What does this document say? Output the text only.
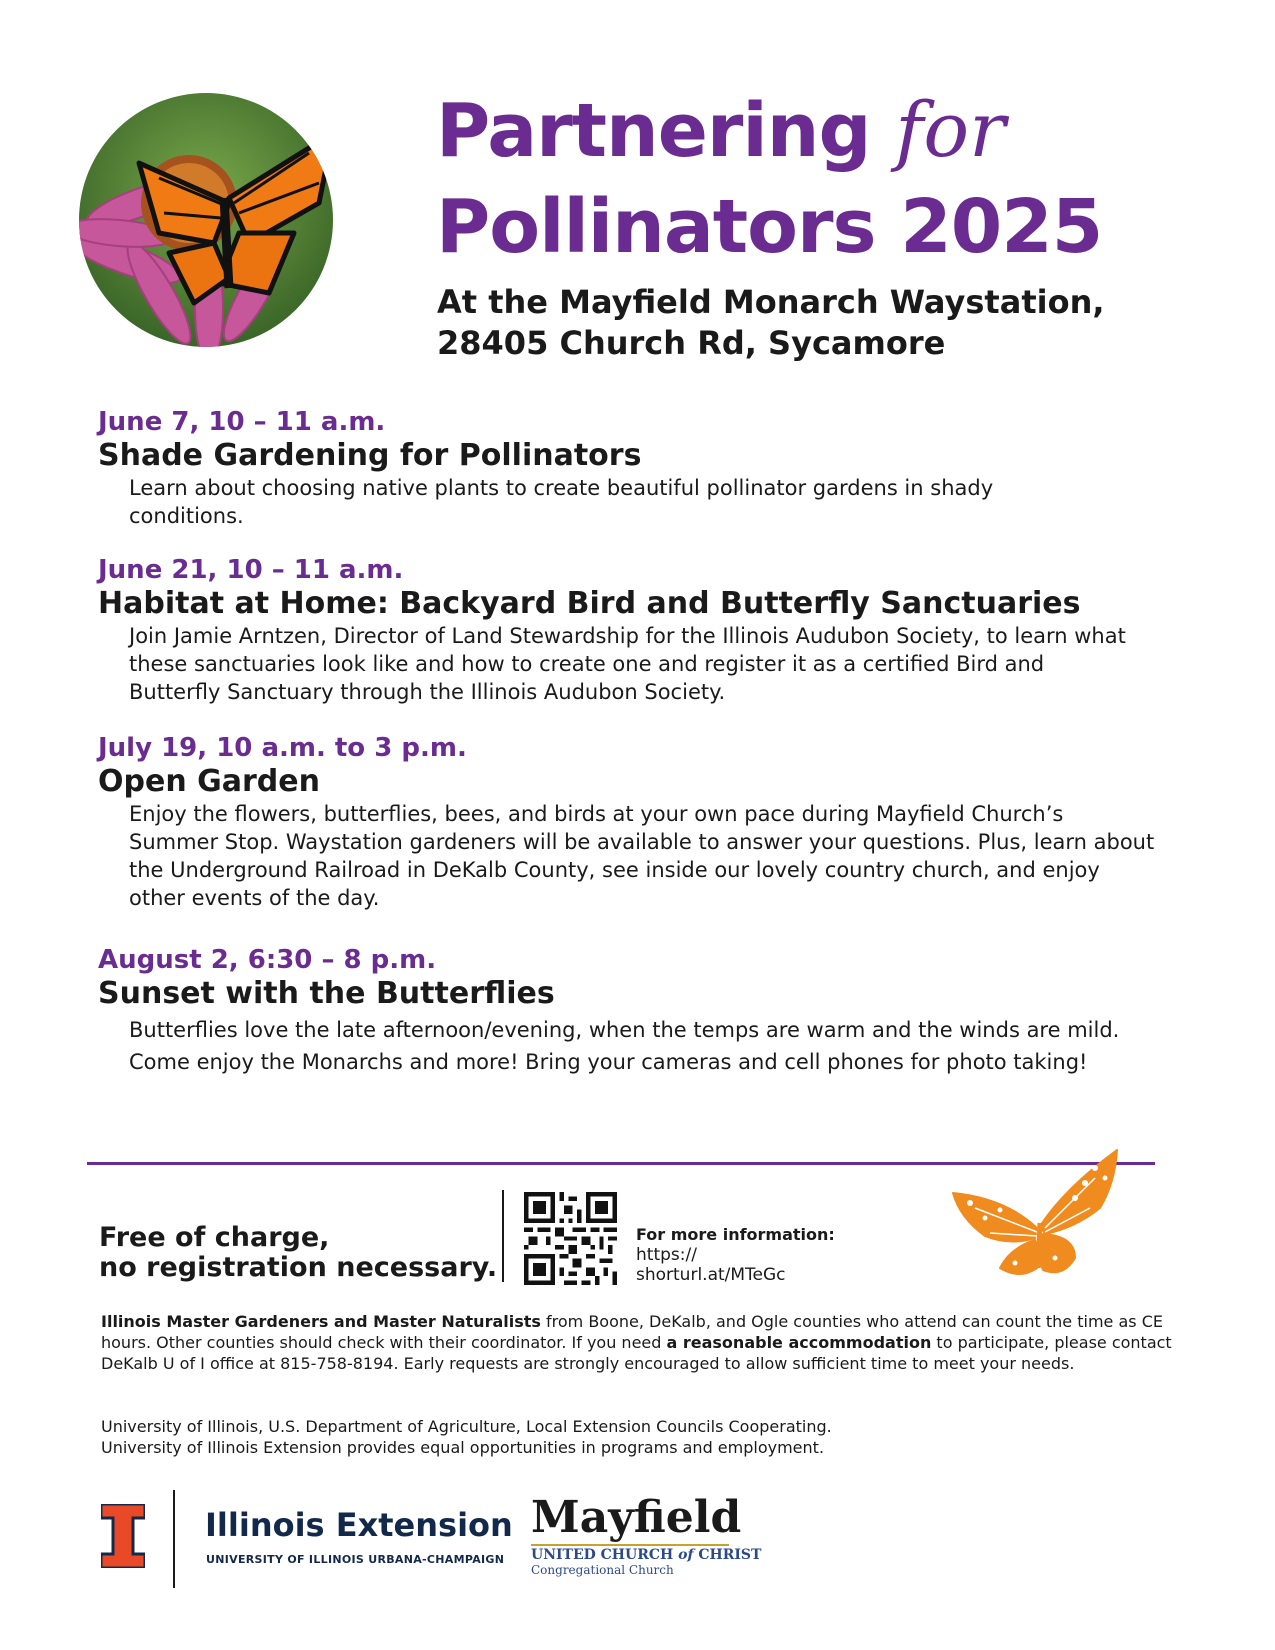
Partnering for
Pollinators 2025
At the Mayfield Monarch Waystation,
28405 Church Rd, Sycamore
June 7, 10 – 11 a.m.
Shade Gardening for Pollinators
Learn about choosing native plants to create beautiful pollinator gardens in shady conditions.
June 21, 10 – 11 a.m.
Habitat at Home: Backyard Bird and Butterfly Sanctuaries
Join Jamie Arntzen, Director of Land Stewardship for the Illinois Audubon Society, to learn what these sanctuaries look like and how to create one and register it as a certified Bird and Butterfly Sanctuary through the Illinois Audubon Society.
July 19, 10 a.m. to 3 p.m.
Open Garden
Enjoy the flowers, butterflies, bees, and birds at your own pace during Mayfield Church’s Summer Stop. Waystation gardeners will be available to answer your questions. Plus, learn about the Underground Railroad in DeKalb County, see inside our lovely country church, and enjoy other events of the day.
August 2, 6:30 – 8 p.m.
Sunset with the Butterflies
Butterflies love the late afternoon/evening, when the temps are warm and the winds are mild. Come enjoy the Monarchs and more! Bring your cameras and cell phones for photo taking!
Free of charge,
no registration necessary.
For more information:
https://
shorturl.at/MTeGc
Illinois Master Gardeners and Master Naturalists from Boone, DeKalb, and Ogle counties who attend can count the time as CE hours. Other counties should check with their coordinator. If you need a reasonable accommodation to participate, please contact DeKalb U of I office at 815-758-8194. Early requests are strongly encouraged to allow sufficient time to meet your needs.
University of Illinois, U.S. Department of Agriculture, Local Extension Councils Cooperating.
University of Illinois Extension provides equal opportunities in programs and employment.
Illinois Extension
UNIVERSITY OF ILLINOIS URBANA-CHAMPAIGN
Mayfield
UNITED CHURCH of CHRIST
Congregational Church
